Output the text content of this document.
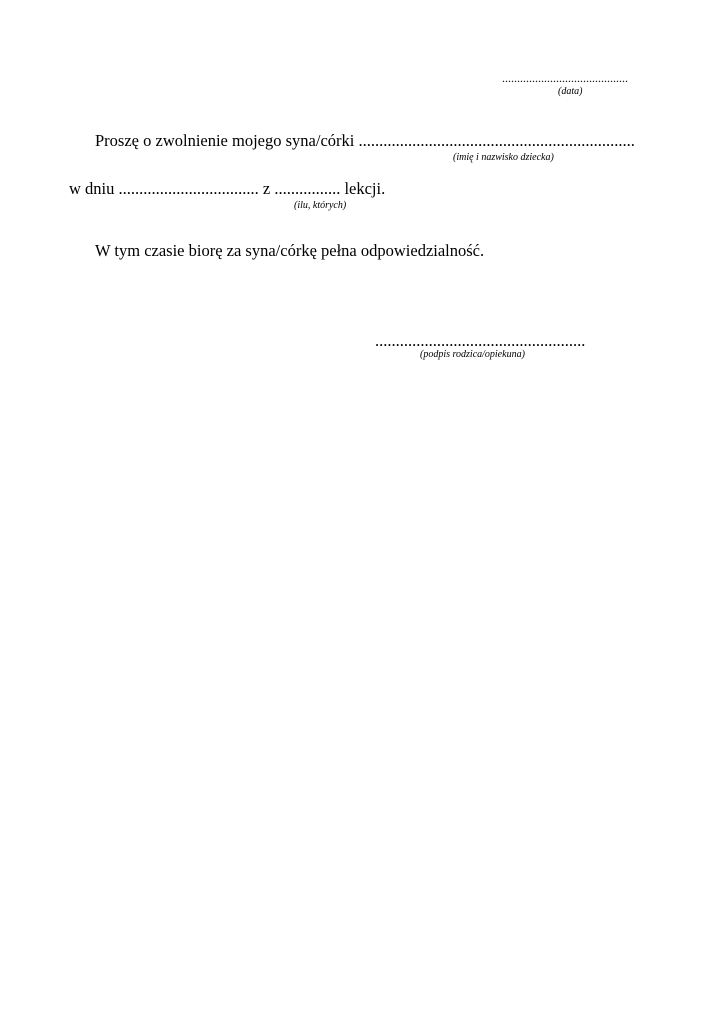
..........................................
(data)
Proszę o zwolnienie mojego syna/córki ...................................................................
(imię i nazwisko dziecka)
w dniu .................................. z ................ lekcji.
(ilu, których)
W tym czasie biorę za syna/córkę pełna odpowiedzialność.
...................................................
(podpis rodzica/opiekuna)
